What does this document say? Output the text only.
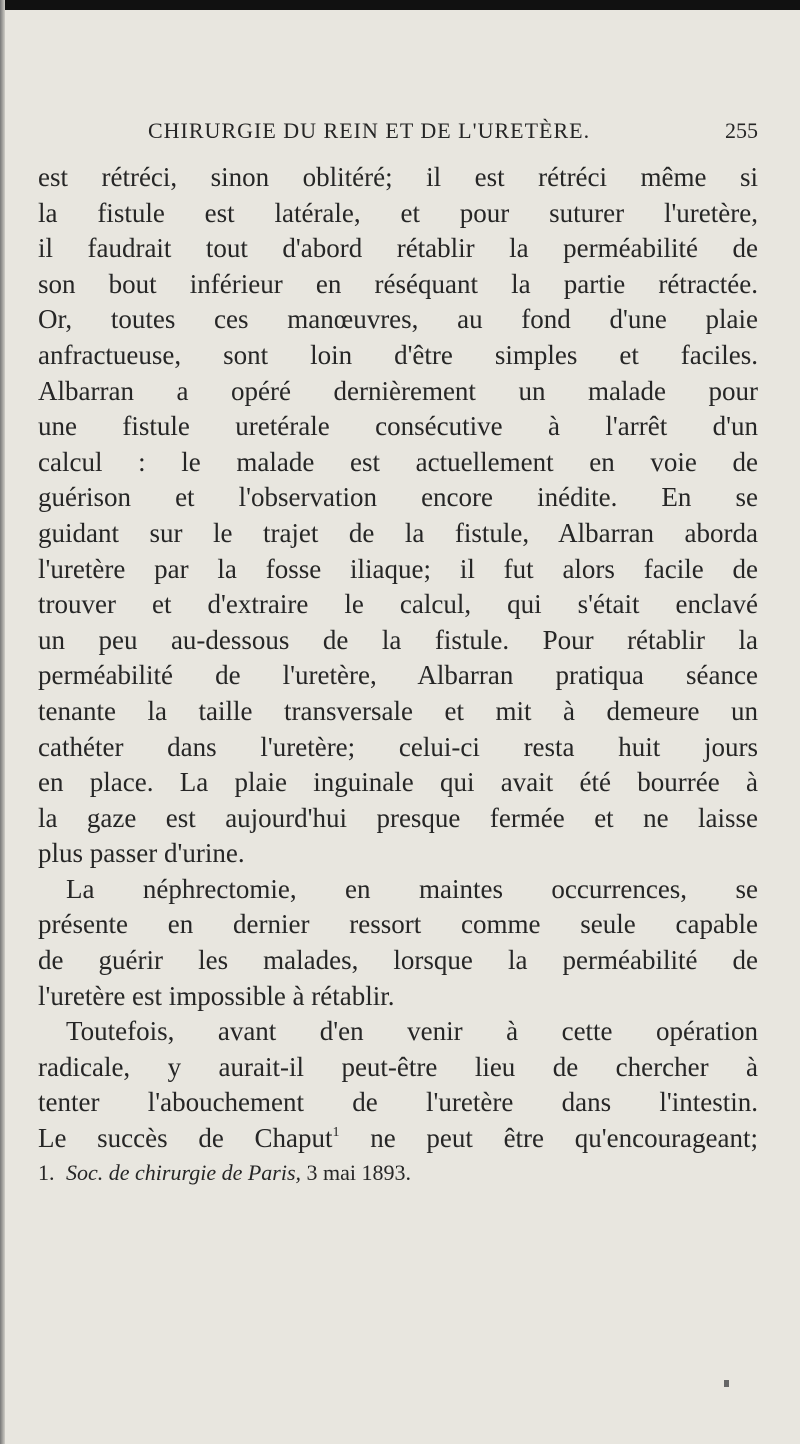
CHIRURGIE DU REIN ET DE L'URETÈRE.	255
est rétréci, sinon oblitéré; il est rétréci même si
la fistule est latérale, et pour suturer l'uretère,
il faudrait tout d'abord rétablir la perméabilité de
son bout inférieur en réséquant la partie rétractée.
Or, toutes ces manœuvres, au fond d'une plaie
anfractueuse, sont loin d'être simples et faciles.
Albarran a opéré dernièrement un malade pour
une fistule uretérale consécutive à l'arrêt d'un
calcul : le malade est actuellement en voie de
guérison et l'observation encore inédite. En se
guidant sur le trajet de la fistule, Albarran aborda
l'uretère par la fosse iliaque; il fut alors facile de
trouver et d'extraire le calcul, qui s'était enclavé
un peu au-dessous de la fistule. Pour rétablir la
perméabilité de l'uretère, Albarran pratiqua séance
tenante la taille transversale et mit à demeure un
cathéter dans l'uretère; celui-ci resta huit jours
en place. La plaie inguinale qui avait été bourrée à
la gaze est aujourd'hui presque fermée et ne laisse
plus passer d'urine.
La néphrectomie, en maintes occurrences, se
présente en dernier ressort comme seule capable
de guérir les malades, lorsque la perméabilité de
l'uretère est impossible à rétablir.
Toutefois, avant d'en venir à cette opération
radicale, y aurait-il peut-être lieu de chercher à
tenter l'abouchement de l'uretère dans l'intestin.
Le succès de Chaput$^1$ ne peut être qu'encourageant;
1. Soc. de chirurgie de Paris, 3 mai 1893.
